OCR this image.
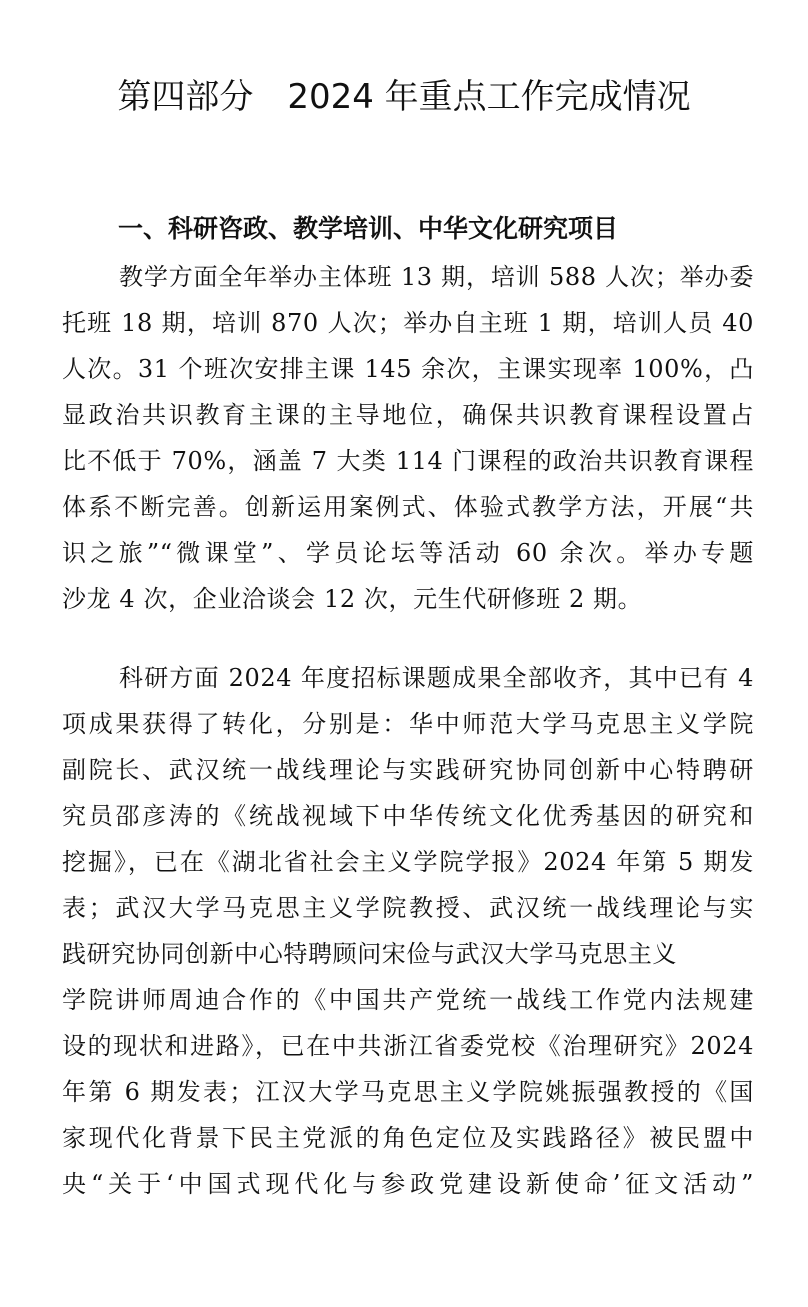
第四部分　2024 年重点工作完成情况
一、科研咨政、教学培训、中华文化研究项目
教学方面全年举办主体班 13 期，培训 588 人次；举办委
托班 18 期，培训 870 人次；举办自主班 1 期，培训人员 40
人次。31 个班次安排主课 145 余次，主课实现率 100%，凸
显政治共识教育主课的主导地位，确保共识教育课程设置占
比不低于 70%，涵盖 7 大类 114 门课程的政治共识教育课程
体系不断完善。创新运用案例式、体验式教学方法，开展“共
识之旅”“微课堂”、学员论坛等活动 60 余次。举办专题
沙龙 4 次，企业洽谈会 12 次，元生代研修班 2 期。
科研方面 2024 年度招标课题成果全部收齐，其中已有 4
项成果获得了转化，分别是：华中师范大学马克思主义学院
副院长、武汉统一战线理论与实践研究协同创新中心特聘研
究员邵彦涛的《统战视域下中华传统文化优秀基因的研究和
挖掘》，已在《湖北省社会主义学院学报》2024 年第 5 期发
表；武汉大学马克思主义学院教授、武汉统一战线理论与实
践研究协同创新中心特聘顾问宋俭与武汉大学马克思主义
学院讲师周迪合作的《中国共产党统一战线工作党内法规建
设的现状和进路》，已在中共浙江省委党校《治理研究》2024
年第 6 期发表；江汉大学马克思主义学院姚振强教授的《国
家现代化背景下民主党派的角色定位及实践路径》被民盟中
央“关于‘中国式现代化与参政党建设新使命’征文活动”
